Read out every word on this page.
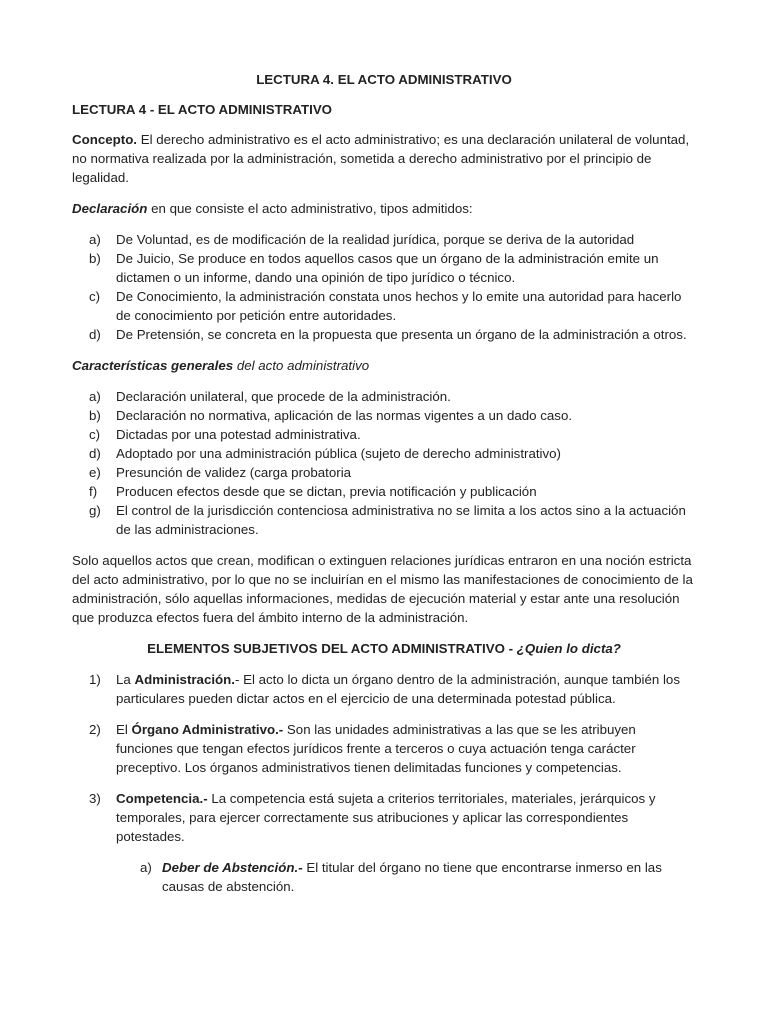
LECTURA 4. EL ACTO ADMINISTRATIVO
LECTURA 4 - EL ACTO ADMINISTRATIVO

Concepto. El derecho administrativo es el acto administrativo; es una declaración unilateral de voluntad, no normativa realizada por la administración, sometida a derecho administrativo por el principio de legalidad.

Declaración en que consiste el acto administrativo, tipos admitidos:

a) De Voluntad, es de modificación de la realidad jurídica, porque se deriva de la autoridad
b) De Juicio, Se produce en todos aquellos casos que un órgano de la administración emite un dictamen o un informe, dando una opinión de tipo jurídico o técnico.
c) De Conocimiento, la administración constata unos hechos y lo emite una autoridad para hacerlo de conocimiento por petición entre autoridades.
d) De Pretensión, se concreta en la propuesta que presenta un órgano de la administración a otros.

Características generales del acto administrativo

a) Declaración unilateral, que procede de la administración.
b) Declaración no normativa, aplicación de las normas vigentes a un dado caso.
c) Dictadas por una potestad administrativa.
d) Adoptado por una administración pública (sujeto de derecho administrativo)
e) Presunción de validez (carga probatoria
f) Producen efectos desde que se dictan, previa notificación y publicación
g) El control de la jurisdicción contenciosa administrativa no se limita a los actos sino a la actuación de las administraciones.

Solo aquellos actos que crean, modifican o extinguen relaciones jurídicas entraron en una noción estricta del acto administrativo, por lo que no se incluirían en el mismo las manifestaciones de conocimiento de la administración, sólo aquellas informaciones, medidas de ejecución material y estar ante una resolución que produzca efectos fuera del ámbito interno de la administración.

ELEMENTOS SUBJETIVOS DEL ACTO ADMINISTRATIVO - ¿Quien lo dicta?
1) La Administración.- El acto lo dicta un órgano dentro de la administración, aunque también los particulares pueden dictar actos en el ejercicio de una determinada potestad pública.
2) El Órgano Administrativo.- Son las unidades administrativas a las que se les atribuyen funciones que tengan efectos jurídicos frente a terceros o cuya actuación tenga carácter preceptivo. Los órganos administrativos tienen delimitadas funciones y competencias.
3) Competencia.- La competencia está sujeta a criterios territoriales, materiales, jerárquicos y temporales, para ejercer correctamente sus atribuciones y aplicar las correspondientes potestades.
a) Deber de Abstención.- El titular del órgano no tiene que encontrarse inmerso en las causas de abstención.
